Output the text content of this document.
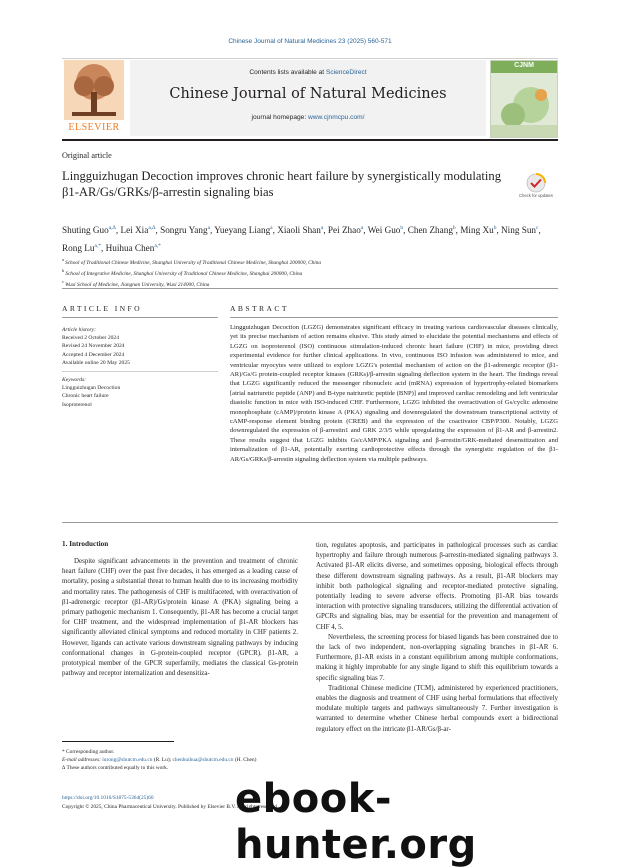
Chinese Journal of Natural Medicines 23 (2025) 560-571
ELSEVIER
Contents lists available at ScienceDirect
Chinese Journal of Natural Medicines
journal homepage: www.cjnmcpu.com/
CJNM
Original article
Lingguizhugan Decoction improves chronic heart failure by synergistically modulating β1-AR/Gs/GRKs/β-arrestin signaling bias	Check for updates
Shuting Guo$^{a,\Delta}$, Lei Xia$^{a,\Delta}$, Songru Yang$^a$, Yueyang Liang$^a$, Xiaoli Shan$^a$, Pei Zhao$^a$, Wei Guo$^b$, Chen Zhang$^b$, Ming Xu$^b$, Ning Sun$^c$, Rong $Lu^{a,*}$, Huihua Chen$^{a,*}$
$^a$ School of Traditional Chinese Medicine, Shanghai University of Traditional Chinese Medicine, Shanghai 200000, China
$^b$ School of Integrative Medicine, Shanghai University of Traditional Chinese Medicine, Shanghai 200000, China
$^c$ Wuxi School of Medicine, Jiangnan University, Wuxi 214000, China
ARTICLE INFO	ABSTRACT
Article history:
Received 2 October 2024
Revised 24 November 2024
Accepted 4 December 2024
Available online 20 May 2025
Keywords:
Lingguizhugan Decoction
Chronic heart failure
Isoproterenol
Lingguizhugan Decoction (LGZG) demonstrates significant efficacy in treating various cardiovascular diseases clinically, yet its precise mechanism of action remains elusive. This study aimed to elucidate the potential mechanisms and effects of LGZG on isoproterenol (ISO) continuous stimulation-induced chronic heart failure (CHF) in mice, providing direct experimental evidence for further clinical applications. In vivo, continuous ISO infusion was administered to mice, and ventricular myocytes were utilized to explore LGZG's potential mechanism of action on the β1-adrenergic receptor (β1-AR)/Gs/G protein-coupled receptor kinases (GRKs)/β-arrestin signaling deflection system in the heart. The findings reveal that LGZG significantly reduced the messenger ribonucleic acid (mRNA) expression of hypertrophy-related biomarkers [atrial natriuretic peptide (ANP) and B-type natriuretic peptide (BNP)] and improved cardiac remodeling and left ventricular diastolic function in mice with ISO-induced CHF. Furthermore, LGZG inhibited the overactivation of Gs/cyclic adenosine monophosphate (cAMP)/protein kinase A (PKA) signaling and downregulated the downstream transcriptional activity of cAMP-response element binding protein (CREB) and the expression of the coactivator CBP/P300. Notably, LGZG downregulated the expression of β-arrestin1 and GRK 2/3/5 while upregulating the expression of β1-AR and β-arrestin2. These results suggest that LGZG inhibits Gs/cAMP/PKA signaling and β-arrestin/GRK-mediated desensitization and internalization of β1-AR, potentially exerting cardioprotective effects through the synergistic regulation of the β1-AR/Gs/GRKs/β-arrestin signaling deflection system via multiple pathways.
1. Introduction

Despite significant advancements in the prevention and treatment of chronic heart failure (CHF) over the past five decades, it has emerged as a leading cause of mortality, posing a substantial threat to human health due to its increasing morbidity and mortality rates. The pathogenesis of CHF is multifaceted, with overactivation of β1-adrenergic receptor (β1-AR)/Gs/protein kinase A (PKA) signaling being a primary pathogenic mechanism 1. Consequently, β1-AR has become a crucial target for CHF treatment, and the widespread implementation of β1-AR blockers has significantly alleviated clinical symptoms and reduced mortality in CHF patients 2. However, ligands can activate various downstream signaling pathways by inducing conformational changes in G-protein-coupled receptor (GPCR). β1-AR, a prototypical member of the GPCR superfamily, mediates the classical Gs-protein pathway and receptor internalization and desensitiza-

tion, regulates apoptosis, and participates in pathological processes such as cardiac hypertrophy and failure through numerous β-arrestin-mediated signaling pathways 3. Activated β1-AR elicits diverse, and sometimes opposing, biological effects through these different downstream signaling pathways. As a result, β1-AR blockers may inhibit both pathological signaling and receptor-mediated protective signaling, potentially leading to severe adverse effects. Promoting β1-AR bias towards interaction with protective signaling transducers, utilizing the differential activation of GPCRs and signaling bias, may be essential for the prevention and management of CHF 4, 5.

Nevertheless, the screening process for biased ligands has been constrained due to the lack of two independent, non-overlapping signaling branches in β1-AR 6. Furthermore, β1-AR exists in a constant equilibrium among multiple conformations, making it highly improbable for any single ligand to shift this equilibrium towards a specific signaling bias 7.

Traditional Chinese medicine (TCM), administered by experienced practitioners, enables the diagnosis and treatment of CHF using herbal formulations that effectively modulate multiple targets and pathways simultaneously 7. Further investigation is warranted to determine whether Chinese herbal compounds exert a bidirectional regulatory effect on the intricate β1-AR/Gs/β-ar-

* Corresponding author.
E-mail addresses: lurong@shutcm.edu.cn (R. Lu); chenhuihua@shutcm.edu.cn (H. Chen)
∆ These authors contributed equally to this work.
https://doi.org/10.1016/S1875-5364(25)60
Copyright © 2025, China Pharmaceutical University. Published by Elsevier B.V. All rights reserved.
ebook-hunter.org
